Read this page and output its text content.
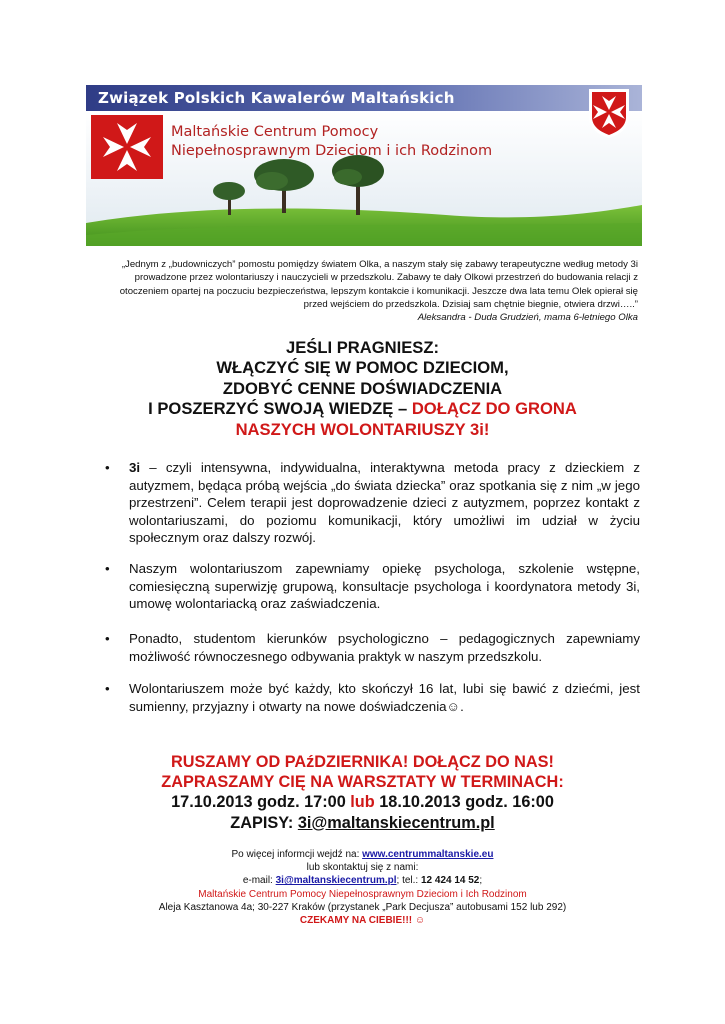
Związek Polskich Kawalerów Maltańskich
Maltańskie Centrum Pomocy
Niepełnosprawnym Dzieciom i ich Rodzinom
„Jednym z „budowniczych” pomostu pomiędzy światem Olka, a naszym stały się zabawy terapeutyczne według metody 3i
prowadzone przez wolontariuszy i nauczycieli w przedszkolu. Zabawy te dały Olkowi przestrzeń do budowania relacji z
otoczeniem opartej na poczuciu bezpieczeństwa, lepszym kontakcie i komunikacji. Jeszcze dwa lata temu Olek opierał się
przed wejściem do przedszkola. Dzisiaj sam chętnie biegnie, otwiera drzwi…..”
Aleksandra - Duda Grudzień, mama 6-letniego Olka
JEŚLI PRAGNIESZ:
WŁĄCZYĆ SIĘ W POMOC DZIECIOM,
ZDOBYĆ CENNE DOŚWIADCZENIA
I POSZERZYĆ SWOJĄ WIEDZĘ – DOŁĄCZ DO GRONA
NASZYCH WOLONTARIUSZY 3i!
•	3i – czyli intensywna, indywidualna, interaktywna metoda pracy z dzieckiem z autyzmem, będąca próbą wejścia „do świata dziecka” oraz spotkania się z nim „w jego przestrzeni”. Celem terapii jest doprowadzenie dzieci z autyzmem, poprzez kontakt z wolontariuszami, do poziomu komunikacji, który umożliwi im udział w życiu społecznym oraz dalszy rozwój.
•	Naszym wolontariuszom zapewniamy opiekę psychologa, szkolenie wstępne, comiesięczną superwizję grupową, konsultacje psychologa i koordynatora metody 3i, umowę wolontariacką oraz zaświadczenia.
•	Ponadto, studentom kierunków psychologiczno – pedagogicznych zapewniamy możliwość równoczesnego odbywania praktyk w naszym przedszkolu.
•	Wolontariuszem może być każdy, kto skończył 16 lat, lubi się bawić z dziećmi, jest sumienny, przyjazny i otwarty na nowe doświadczenia☺.
RUSZAMY OD PAźDZIERNIKA! DOŁĄCZ DO NAS!
ZAPRASZAMY CIĘ NA WARSZTATY W TERMINACH:
17.10.2013 godz. 17:00 lub 18.10.2013 godz. 16:00
ZAPISY: 3i@maltanskiecentrum.pl
Po więcej informcji wejdź na: www.centrummaltanskie.eu
lub skontaktuj się z nami:
e-mail: 3i@maltanskiecentrum.pl; tel.: 12 424 14 52;
Maltańskie Centrum Pomocy Niepełnosprawnym Dzieciom i Ich Rodzinom
Aleja Kasztanowa 4a; 30-227 Kraków (przystanek „Park Decjusza” autobusami 152 lub 292)
CZEKAMY NA CIEBIE!!! ☺
